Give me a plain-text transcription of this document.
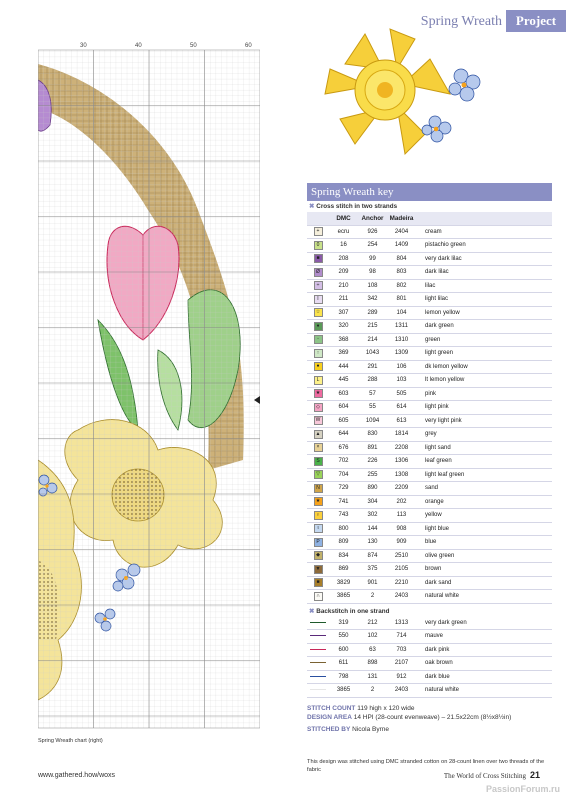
Spring Wreath	Project
30	40	50	60
Spring Wreath chart (right)
Spring Wreath key
✖ Cross stitch in two strands
	DMC	Anchor	Madeira	
+	ecru	926	2404	cream
0	16	254	1409	pistachio green
■	208	99	804	very dark lilac
Ø	209	98	803	dark lilac
÷	210	108	802	lilac
I	211	342	801	light lilac
☆	307	289	104	lemon yellow
♦	320	215	1311	dark green
◦	368	214	1310	green
↑	369	1043	1309	light green
●	444	291	106	dk lemon yellow
L	445	288	103	lt lemon yellow
★	603	57	505	pink
◇	604	55	614	light pink
W	605	1094	613	very light pink
▲	644	830	1814	grey
×	676	891	2208	light sand
S	702	226	1306	leaf green
▽	704	255	1308	light leaf green
N	729	890	2209	sand
★	741	304	202	orange
♀	743	302	113	yellow
ι	800	144	908	light blue
P	809	130	909	blue
◆	834	874	2510	olive green
▼	869	375	2105	brown
■	3829	901	2210	dark sand
∩	3865	2	2403	natural white
✖ Backstitch in one strand
	319	212	1313	very dark green
	550	102	714	mauve
	600	63	703	dark pink
	611	898	2107	oak brown
	798	131	912	dark blue
	3865	2	2403	natural white
STITCH COUNT 119 high x 120 wide
DESIGN AREA 14 HPI (28-count evenweave) – 21.5x22cm (8½x8½in)
STITCHED BY Nicola Byrne
This design was stitched using DMC stranded cotton on 28-count linen over two threads of the fabric
www.gathered.how/woxs	The World of Cross Stitching 21
PassionForum.ru
